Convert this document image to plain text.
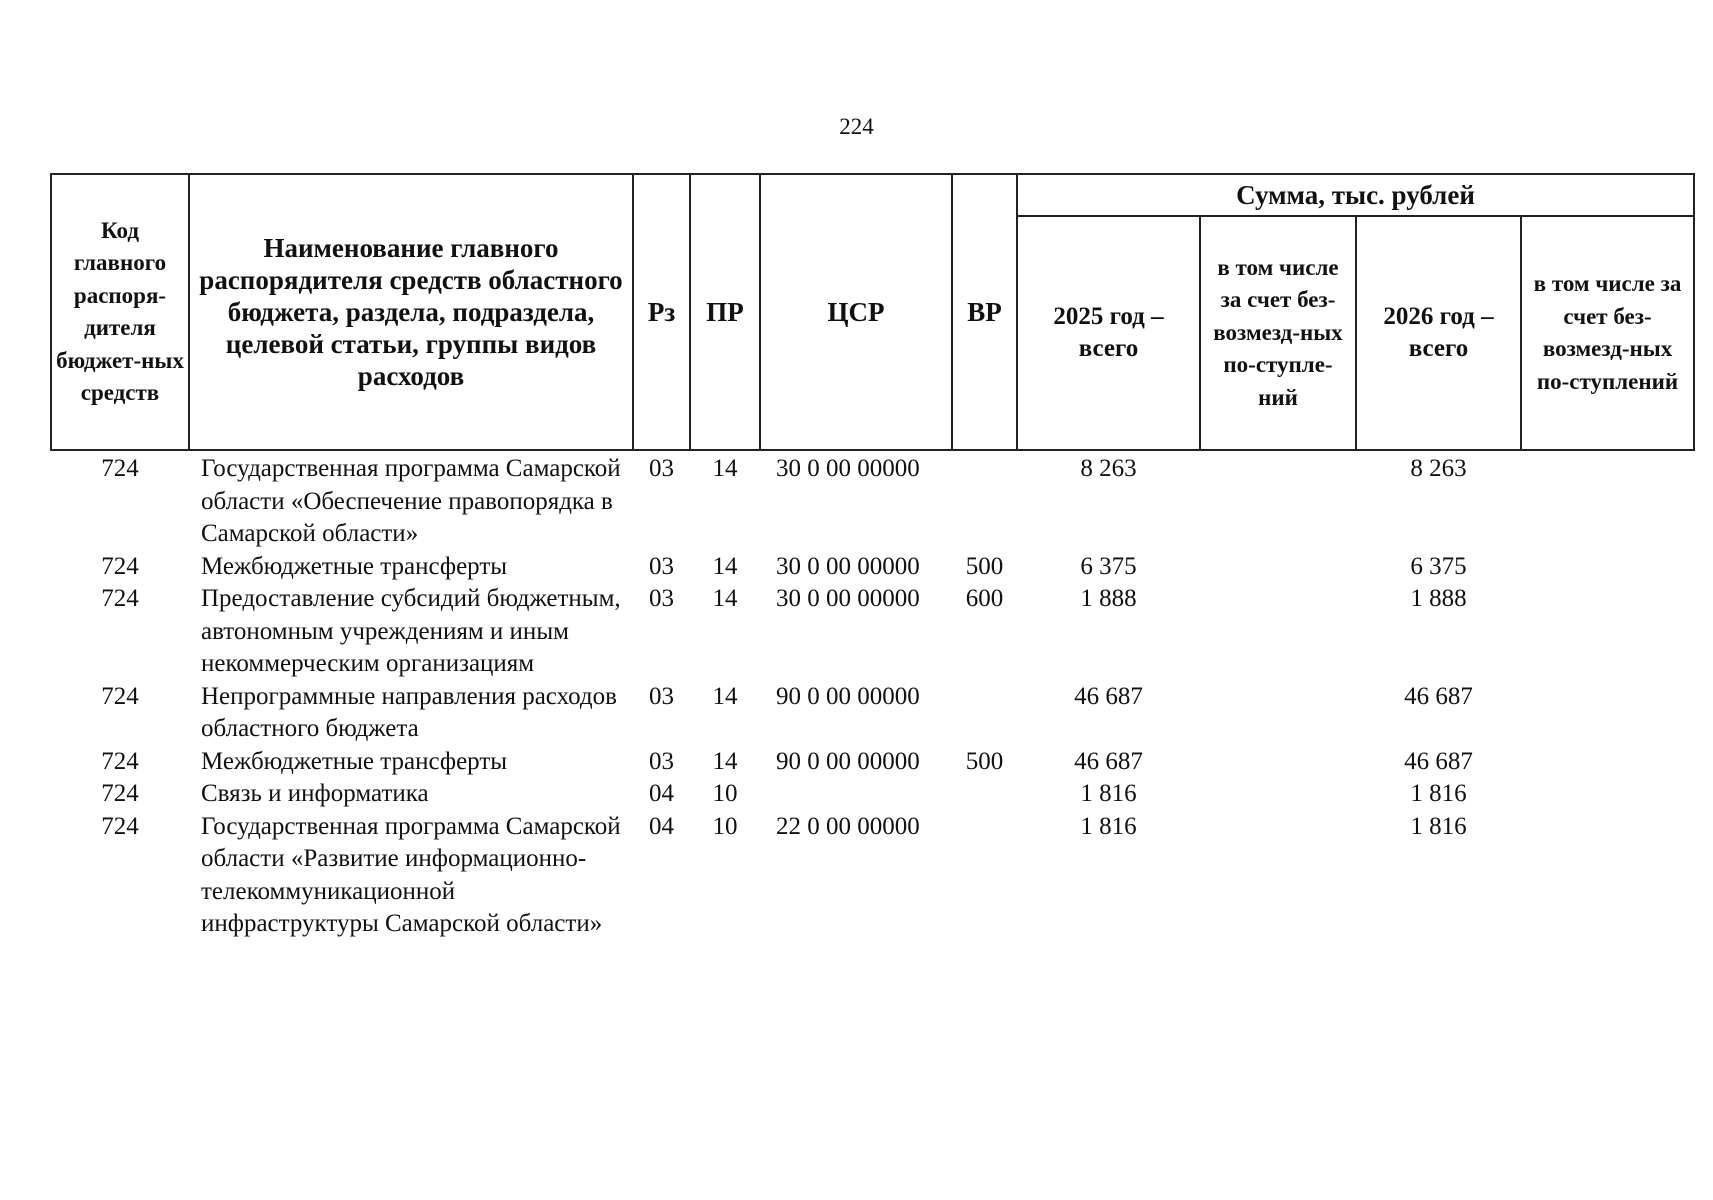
224
Код главного распоря-дителя бюджет-ных средств	Наименование главного распорядителя средств областного бюджета, раздела, подраздела, целевой статьи, группы видов расходов	Рз	ПР	ЦСР	ВР	Сумма, тыс. рублей			
						2025 год – всего	в том числе за счет без-возмезд-ных по-ступле-ний	2026 год – всего	в том числе за счет без-возмезд-ных по-ступлений
724	Государственная программа Самарской области «Обеспечение правопорядка в Самарской области»	03	14	30 0 00 00000		8 263		8 263	
724	Межбюджетные трансферты	03	14	30 0 00 00000	500	6 375		6 375	
724	Предоставление субсидий бюджетным, автономным учреждениям и иным некоммерческим организациям	03	14	30 0 00 00000	600	1 888		1 888	
724	Непрограммные направления расходов областного бюджета	03	14	90 0 00 00000		46 687		46 687	
724	Межбюджетные трансферты	03	14	90 0 00 00000	500	46 687		46 687	
724	Связь и информатика	04	10			1 816		1 816	
724	Государственная программа Самарской области «Развитие информационно-телекоммуникационной инфраструктуры Самарской области»	04	10	22 0 00 00000		1 816		1 816	
